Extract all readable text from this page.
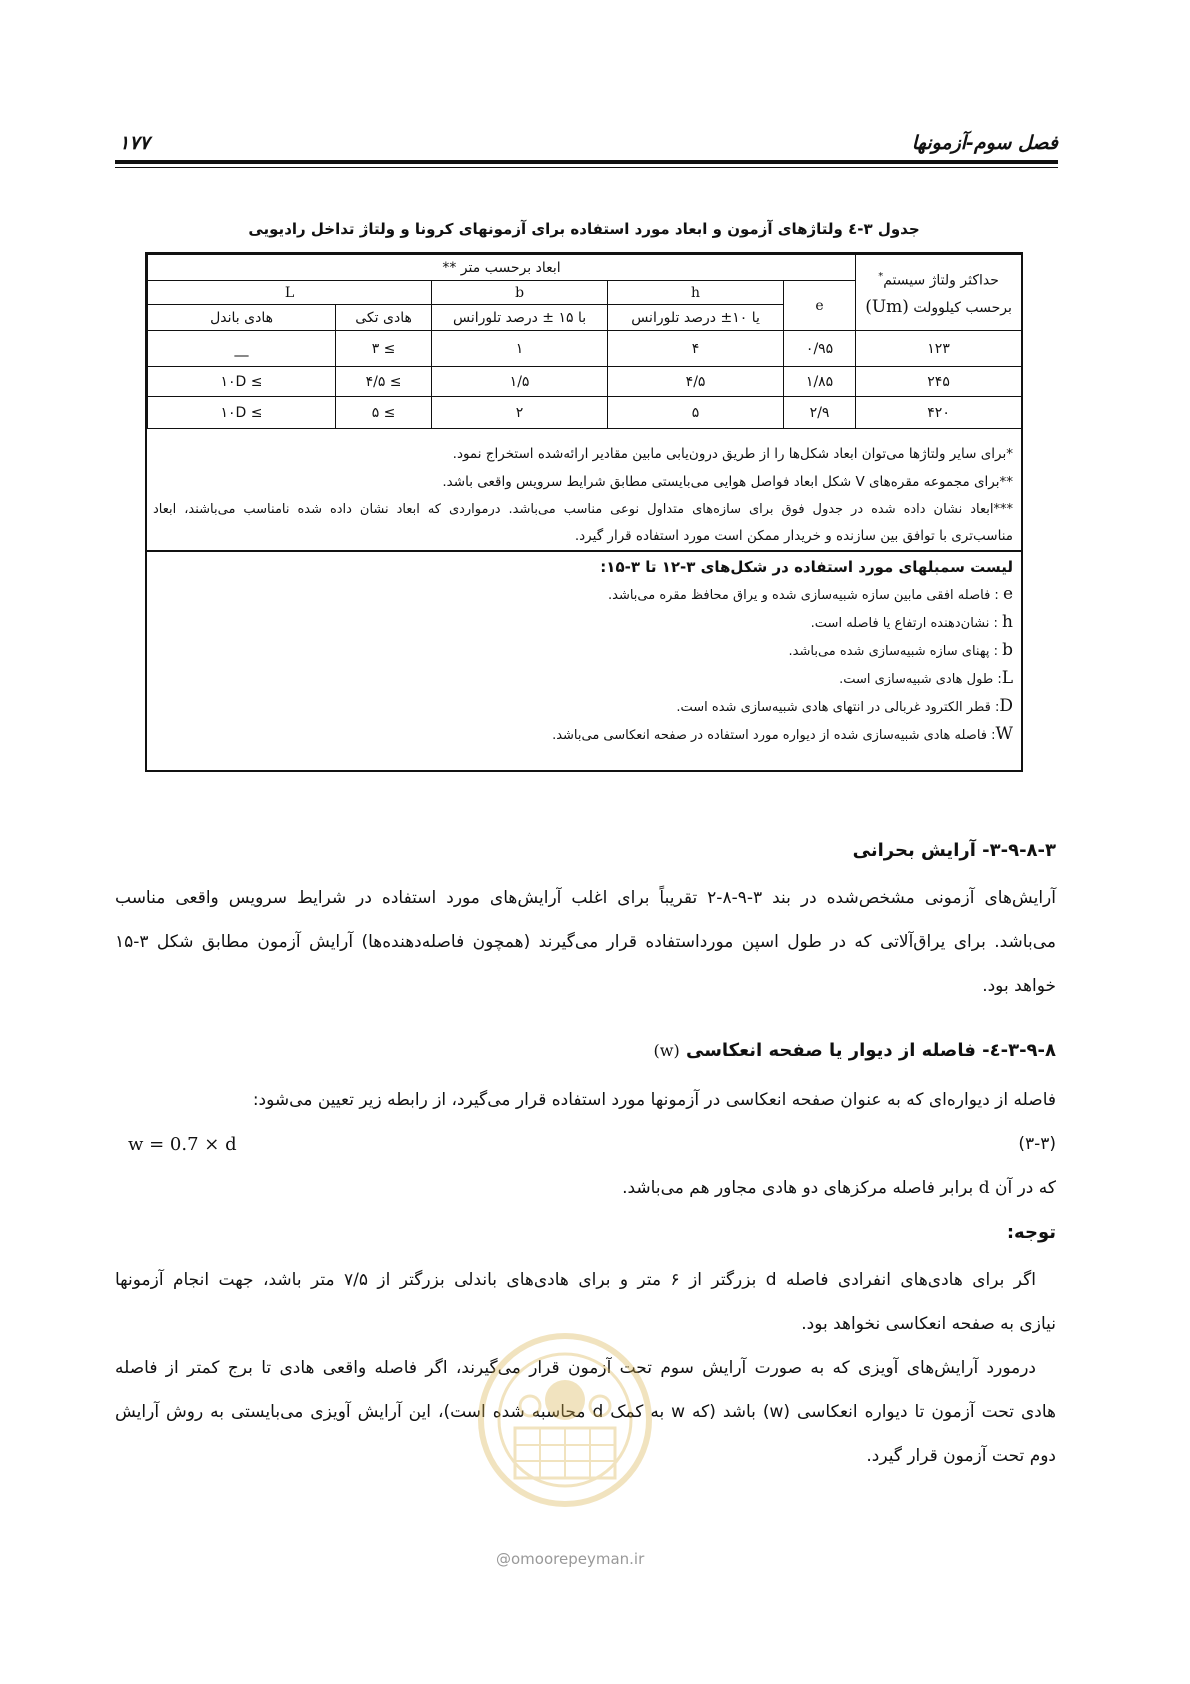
۱۷۷	فصل سوم-آزمونها
جدول ۳-٤ ولتاژهای آزمون و ابعاد مورد استفاده برای آزمونهای کرونا و ولتاژ تداخل رادیویی
حداکثر ولتاژ سیستم*
برحسب کیلوولت (Um)	ابعاد برحسب متر **				
	e	h	b	L	
		یا ۱۰± درصد تلورانس	با ۱۵ ± درصد تلورانس	هادی تکی	هادی باندل
۱۲۳	۰/۹۵	۴	۱	≥ ۳	__
۲۴۵	۱/۸۵	۴/۵	۱/۵	≥ ۴/۵	≥ ۱۰D
۴۲۰	۲/۹	۵	۲	≥ ۵	≥ ۱۰D
*برای سایر ولتاژها می‌توان ابعاد شکل‌ها را از طریق درون‌یابی مابین مقادیر ارائه‌شده استخراج نمود.
**برای مجموعه مقره‌های V شکل ابعاد فواصل هوایی می‌بایستی مطابق شرایط سرویس واقعی باشد.
***ابعاد نشان داده شده در جدول فوق برای سازه‌های متداول نوعی مناسب می‌باشد. درمواردی که ابعاد نشان داده شده نامناسب می‌باشند، ابعاد
مناسب‌تری با توافق بین سازنده و خریدار ممکن است مورد استفاده قرار گیرد.
لیست سمبلهای مورد استفاده در شکل‌های ۳-۱۲ تا ۳-۱۵:
e : فاصله افقی مابین سازه شبیه‌سازی شده و یراق محافظ مقره می‌باشد.
h : نشان‌دهنده ارتفاع یا فاصله است.
b : پهنای سازه شبیه‌سازی شده می‌باشد.
L: طول هادی شبیه‌سازی است.
D: قطر الکترود غربالی در انتهای هادی شبیه‌سازی شده است.
W: فاصله هادی شبیه‌سازی شده از دیواره مورد استفاده در صفحه انعکاسی می‌باشد.
۳-۹-۸-۳- آرایش بحرانی
آرایش‌های آزمونی مشخص‌شده در بند ۳-۹-۸-۲ تقریباً برای اغلب آرایش‌های مورد استفاده در شرایط سرویس واقعی مناسب
می‌باشد. برای یراق‌آلاتی که در طول اسپن مورداستفاده قرار می‌گیرند (همچون فاصله‌دهنده‌ها) آرایش آزمون مطابق شکل ۳-۱۵
خواهد بود.
۳-۹-۸-٤- فاصله از دیوار یا صفحه انعکاسی (w)
فاصله از دیواره‌ای که به عنوان صفحه انعکاسی در آزمونها مورد استفاده قرار می‌گیرد، از رابطه زیر تعیین می‌شود:
w = 0.7 × d	(۳-۳)
که در آن d برابر فاصله مرکزهای دو هادی مجاور هم می‌باشد.
توجه:
اگر برای هادی‌های انفرادی فاصله d بزرگتر از ۶ متر و برای هادی‌های باندلی بزرگتر از ۷/۵ متر باشد، جهت انجام آزمونها
نیازی به صفحه انعکاسی نخواهد بود.
درمورد آرایش‌های آویزی که به صورت آرایش سوم تحت آزمون قرار می‌گیرند، اگر فاصله واقعی هادی تا برج کمتر از فاصله
هادی تحت آزمون تا دیواره انعکاسی (w) باشد (که w به کمک d محاسبه شده است)، این آرایش آویزی می‌بایستی به روش آرایش
دوم تحت آزمون قرار گیرد.
@omoorepeyman.ir
